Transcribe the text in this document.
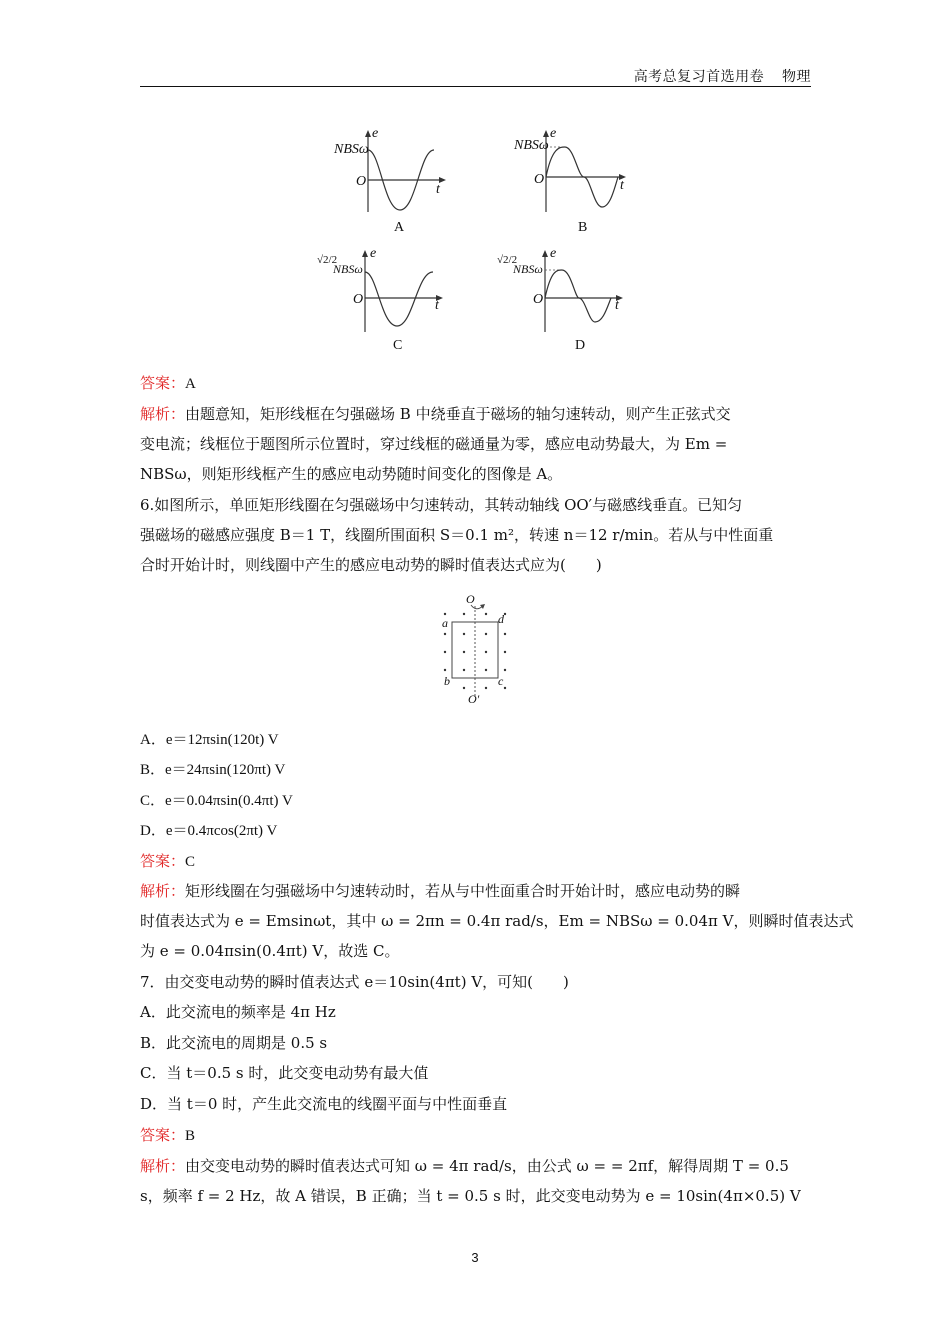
高考总复习首选用卷 物理
NBSω
e
O
t
A
NBSω
e
O	t
B
√2/2
NBSω
e
O	t
C
√2/2
NBSω
e
O	t
D
答案：A
解析：由题意知，矩形线框在匀强磁场 B 中绕垂直于磁场的轴匀速转动，则产生正弦式交
变电流；线框位于题图所示位置时，穿过线框的磁通量为零，感应电动势最大，为 Em =
NBSω，则矩形线框产生的感应电动势随时间变化的图像是 A。
6.如图所示，单匝矩形线圈在匀强磁场中匀速转动，其转动轴线 OO′与磁感线垂直。已知匀
强磁场的磁感应强度 B＝1 T，线圈所围面积 S＝0.1 m²，转速 n＝12 r/min。若从与中性面重
合时开始计时，则线圈中产生的感应电动势的瞬时值表达式应为(　　)
O
O′
a
b	c
d
A．e＝12πsin(120t) V
B．e＝24πsin(120πt) V
C．e＝0.04πsin(0.4πt) V
D．e＝0.4πcos(2πt) V
答案：C
解析：矩形线圈在匀强磁场中匀速转动时，若从与中性面重合时开始计时，感应电动势的瞬
时值表达式为 e = Emsinωt，其中 ω = 2πn = 0.4π rad/s，Em = NBSω = 0.04π V，则瞬时值表达式
为 e = 0.04πsin(0.4πt) V，故选 C。
7．由交变电动势的瞬时值表达式 e＝10sin(4πt) V，可知(　　)
A．此交流电的频率是 4π Hz
B．此交流电的周期是 0.5 s
C．当 t＝0.5 s 时，此交变电动势有最大值
D．当 t＝0 时，产生此交流电的线圈平面与中性面垂直
答案：B
解析：由交变电动势的瞬时值表达式可知 ω = 4π rad/s，由公式 ω = = 2πf，解得周期 T = 0.5
s，频率 f = 2 Hz，故 A 错误，B 正确；当 t = 0.5 s 时，此交变电动势为 e = 10sin(4π×0.5) V
3
